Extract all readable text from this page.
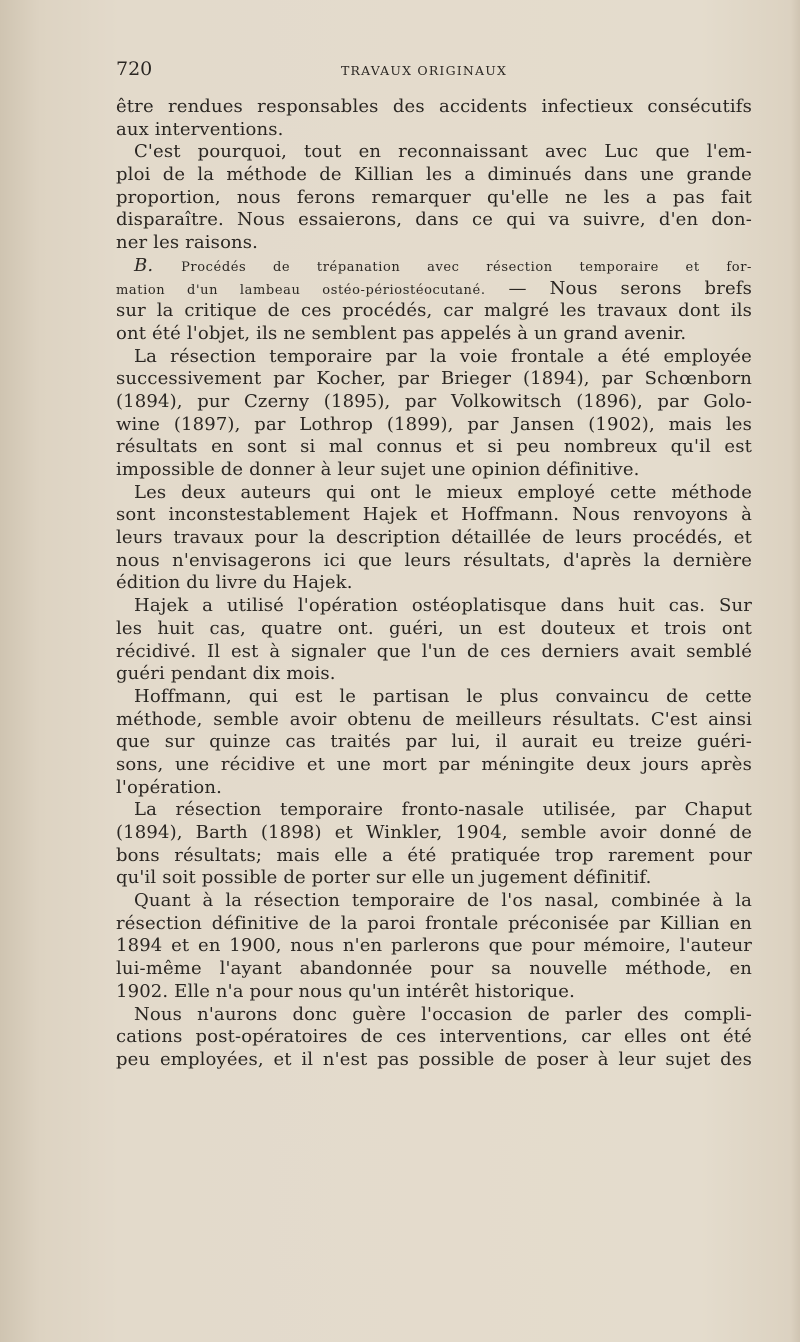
720	TRAVAUX ORIGINAUX
être rendues responsables des accidents infectieux consécutifs
aux interventions.
C'est pourquoi, tout en reconnaissant avec Luc que l'em-
ploi de la méthode de Killian les a diminués dans une grande
proportion, nous ferons remarquer qu'elle ne les a pas fait
disparaître. Nous essaierons, dans ce qui va suivre, d'en don-
ner les raisons.
B. Procédés de trépanation avec résection temporaire et for-
mation d'un lambeau ostéo-périostéocutané. — Nous serons brefs
sur la critique de ces procédés, car malgré les travaux dont ils
ont été l'objet, ils ne semblent pas appelés à un grand avenir.
La résection temporaire par la voie frontale a été employée
successivement par Kocher, par Brieger (1894), par Schœnborn
(1894), pur Czerny (1895), par Volkowitsch (1896), par Golo-
wine (1897), par Lothrop (1899), par Jansen (1902), mais les
résultats en sont si mal connus et si peu nombreux qu'il est
impossible de donner à leur sujet une opinion définitive.
Les deux auteurs qui ont le mieux employé cette méthode
sont inconstestablement Hajek et Hoffmann. Nous renvoyons à
leurs travaux pour la description détaillée de leurs procédés, et
nous n'envisagerons ici que leurs résultats, d'après la dernière
édition du livre du Hajek.
Hajek a utilisé l'opération ostéoplatisque dans huit cas. Sur
les huit cas, quatre ont. guéri, un est douteux et trois ont
récidivé. Il est à signaler que l'un de ces derniers avait semblé
guéri pendant dix mois.
Hoffmann, qui est le partisan le plus convaincu de cette
méthode, semble avoir obtenu de meilleurs résultats. C'est ainsi
que sur quinze cas traités par lui, il aurait eu treize guéri-
sons, une récidive et une mort par méningite deux jours après
l'opération.
La résection temporaire fronto-nasale utilisée, par Chaput
(1894), Barth (1898) et Winkler, 1904, semble avoir donné de
bons résultats; mais elle a été pratiquée trop rarement pour
qu'il soit possible de porter sur elle un jugement définitif.
Quant à la résection temporaire de l'os nasal, combinée à la
résection définitive de la paroi frontale préconisée par Killian en
1894 et en 1900, nous n'en parlerons que pour mémoire, l'auteur
lui-même l'ayant abandonnée pour sa nouvelle méthode, en
1902. Elle n'a pour nous qu'un intérêt historique.
Nous n'aurons donc guère l'occasion de parler des compli-
cations post-opératoires de ces interventions, car elles ont été
peu employées, et il n'est pas possible de poser à leur sujet des
